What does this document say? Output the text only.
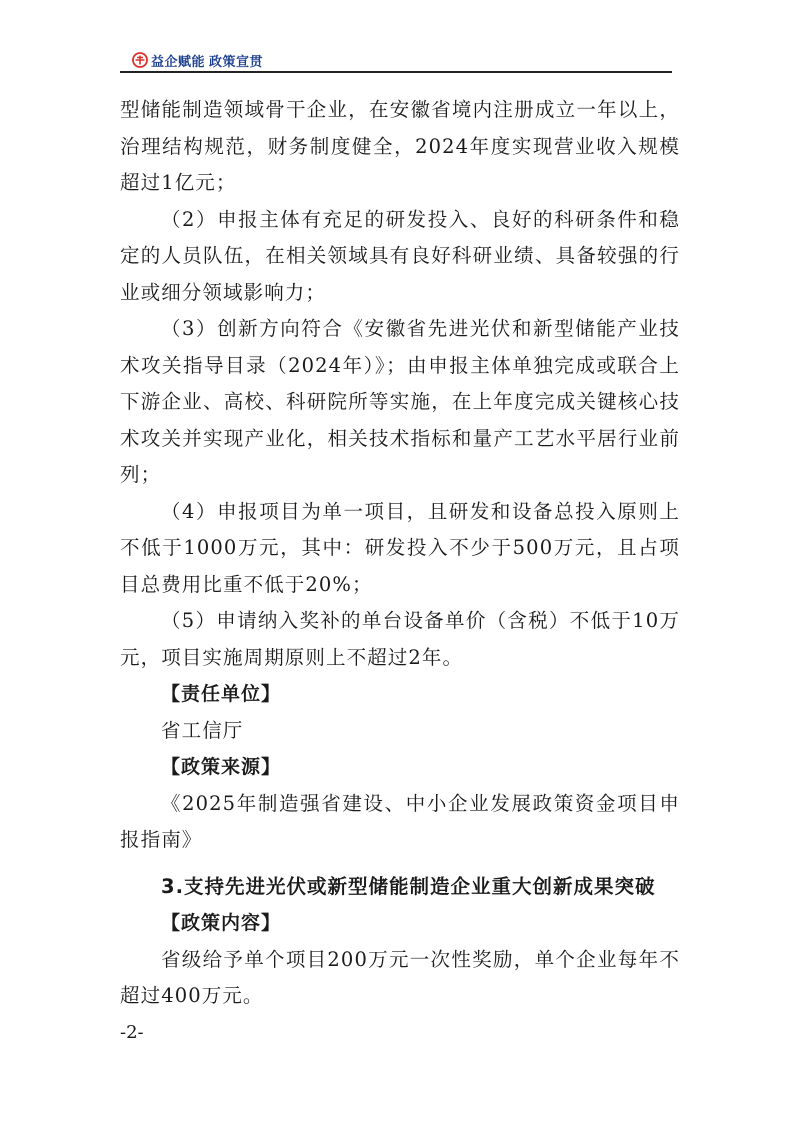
益企赋能 政策宣贯

型储能制造领域骨干企业，在安徽省境内注册成立一年以上，治理结构规范，财务制度健全，2024年度实现营业收入规模超过1亿元；

（2）申报主体有充足的研发投入、良好的科研条件和稳定的人员队伍，在相关领域具有良好科研业绩、具备较强的行业或细分领域影响力；

（3）创新方向符合《安徽省先进光伏和新型储能产业技术攻关指导目录（2024年）》；由申报主体单独完成或联合上下游企业、高校、科研院所等实施，在上年度完成关键核心技术攻关并实现产业化，相关技术指标和量产工艺水平居行业前列；

（4）申报项目为单一项目，且研发和设备总投入原则上不低于1000万元，其中：研发投入不少于500万元，且占项目总费用比重不低于20%；

（5）申请纳入奖补的单台设备单价（含税）不低于10万元，项目实施周期原则上不超过2年。

【责任单位】

省工信厅

【政策来源】

《2025年制造强省建设、中小企业发展政策资金项目申报指南》

3.支持先进光伏或新型储能制造企业重大创新成果突破

【政策内容】

省级给予单个项目200万元一次性奖励，单个企业每年不超过400万元。

-2-
